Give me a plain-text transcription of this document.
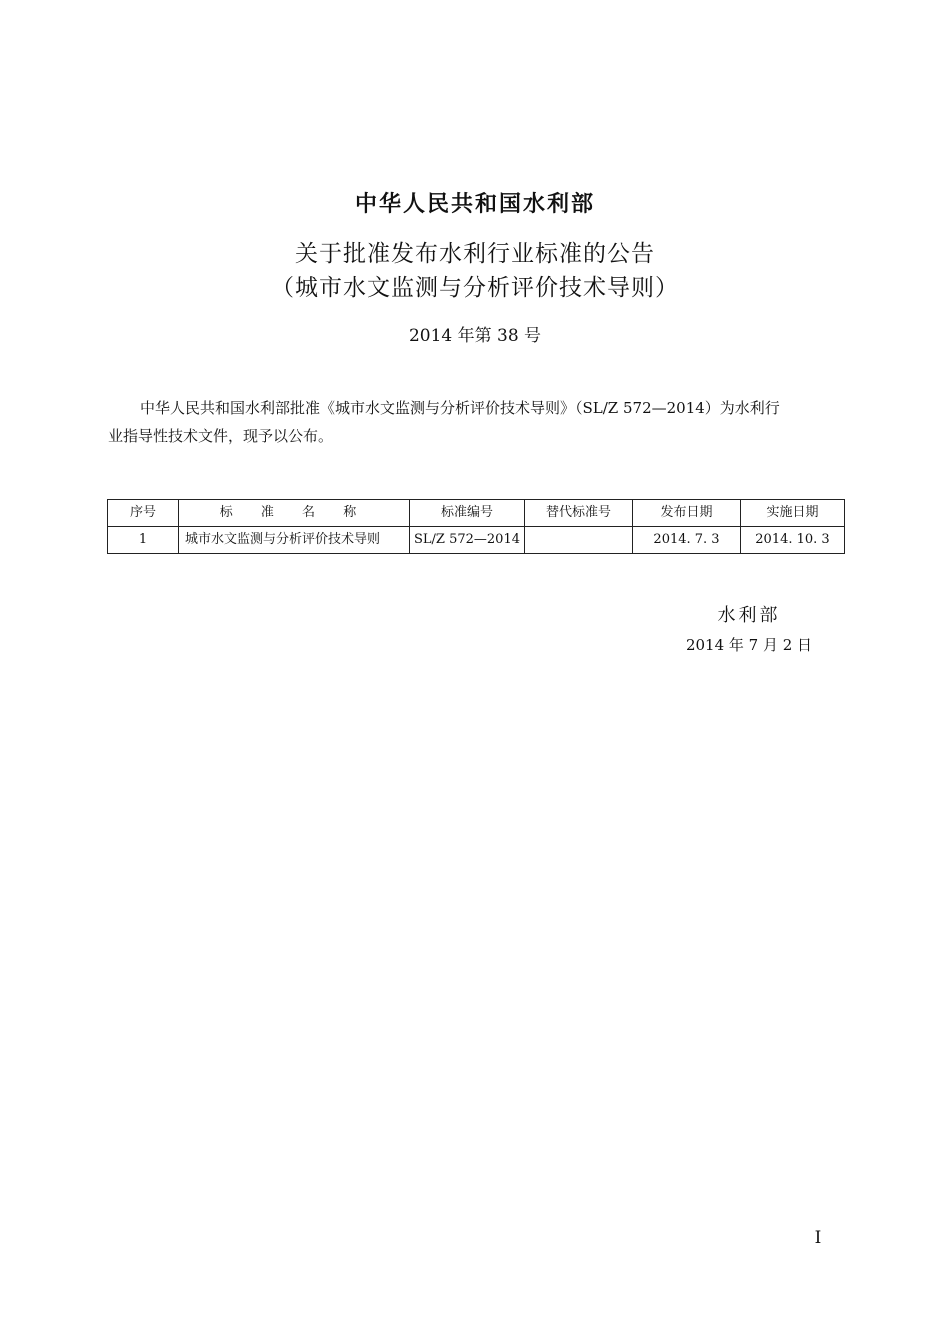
中华人民共和国水利部
关于批准发布水利行业标准的公告
（城市水文监测与分析评价技术导则）
2014 年第 38 号

中华人民共和国水利部批准《城市水文监测与分析评价技术导则》（SL/Z 572—2014）为水利行

业指导性技术文件，现予以公布。

序号	标 准 名 称	标准编号	替代标准号	发布日期	实施日期
1	城市水文监测与分析评价技术导则	SL/Z 572—2014		2014. 7. 3	2014. 10. 3
水利部
2014 年 7 月 2 日
I
